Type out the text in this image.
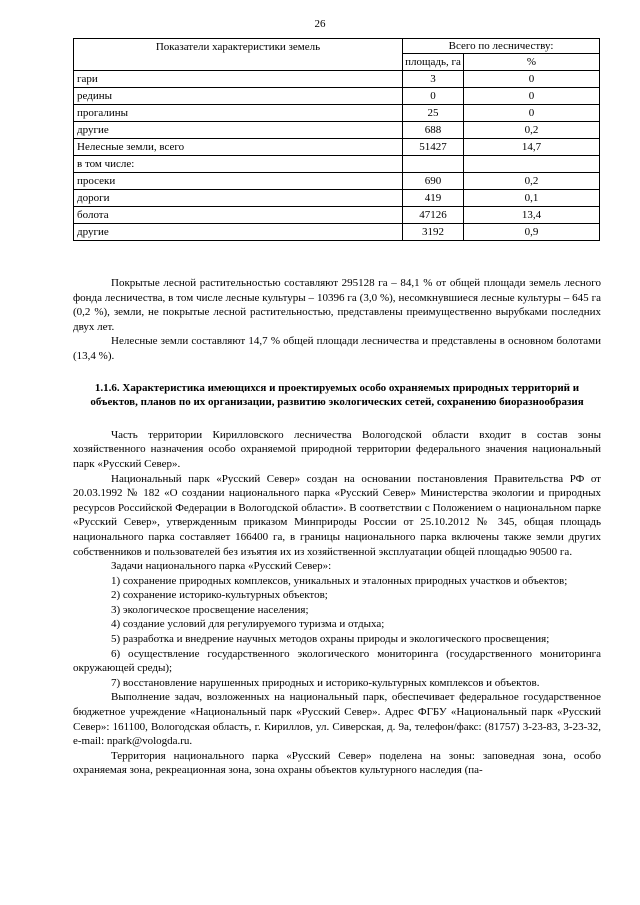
26
Показатели характеристики земель	Всего по лесничеству:	
	площадь, га	%
гари	3	0
редины	0	0
прогалины	25	0
другие	688	0,2
Нелесные земли, всего	51427	14,7
в том числе:		
просеки	690	0,2
дороги	419	0,1
болота	47126	13,4
другие	3192	0,9

Покрытые лесной растительностью составляют 295128 га – 84,1 % от общей площади земель лесного фонда лесничества, в том числе лесные культуры – 10396 га (3,0 %), несомкнувшиеся лесные культуры – 645 га (0,2 %), земли, не покрытые лесной растительностью, представлены преимущественно вырубками последних двух лет.

Нелесные земли составляют 14,7 % общей площади лесничества и представлены в основном болотами (13,4 %).

1.1.6. Характеристика имеющихся и проектируемых особо охраняемых природных территорий и объектов, планов по их организации, развитию экологических сетей, сохранению биоразнообразия

Часть территории Кирилловского лесничества Вологодской области входит в состав зоны хозяйственного назначения особо охраняемой природной территории федерального значения национальный парк «Русский Север».

Национальный парк «Русский Север» создан на основании постановления Правительства РФ от 20.03.1992 № 182 «О создании национального парка «Русский Север» Министерства экологии и природных ресурсов Российской Федерации в Вологодской области». В соответствии с Положением о национальном парке «Русский Север», утвержденным приказом Минприроды России от 25.10.2012 № 345, общая площадь национального парка составляет 166400 га, в границы национального парка включены также земли других собственников и пользователей без изъятия их из хозяйственной эксплуатации общей площадью 90500 га.

Задачи национального парка «Русский Север»:

1) сохранение природных комплексов, уникальных и эталонных природных участков и объектов;

2) сохранение историко-культурных объектов;

3) экологическое просвещение населения;

4) создание условий для регулируемого туризма и отдыха;

5) разработка и внедрение научных методов охраны природы и экологического просвещения;

6) осуществление государственного экологического мониторинга (государственного мониторинга окружающей среды);

7) восстановление нарушенных природных и историко-культурных комплексов и объектов.

Выполнение задач, возложенных на национальный парк, обеспечивает федеральное государственное бюджетное учреждение «Национальный парк «Русский Север». Адрес ФГБУ «Национальный парк «Русский Север»: 161100, Вологодская область, г. Кириллов, ул. Сиверская, д. 9а, телефон/факс: (81757) 3-23-83, 3-23-32, e-mail: npark@vologda.ru.

Территория национального парка «Русский Север» поделена на зоны: заповедная зона, особо охраняемая зона, рекреационная зона, зона охраны объектов культурного наследия (па-
